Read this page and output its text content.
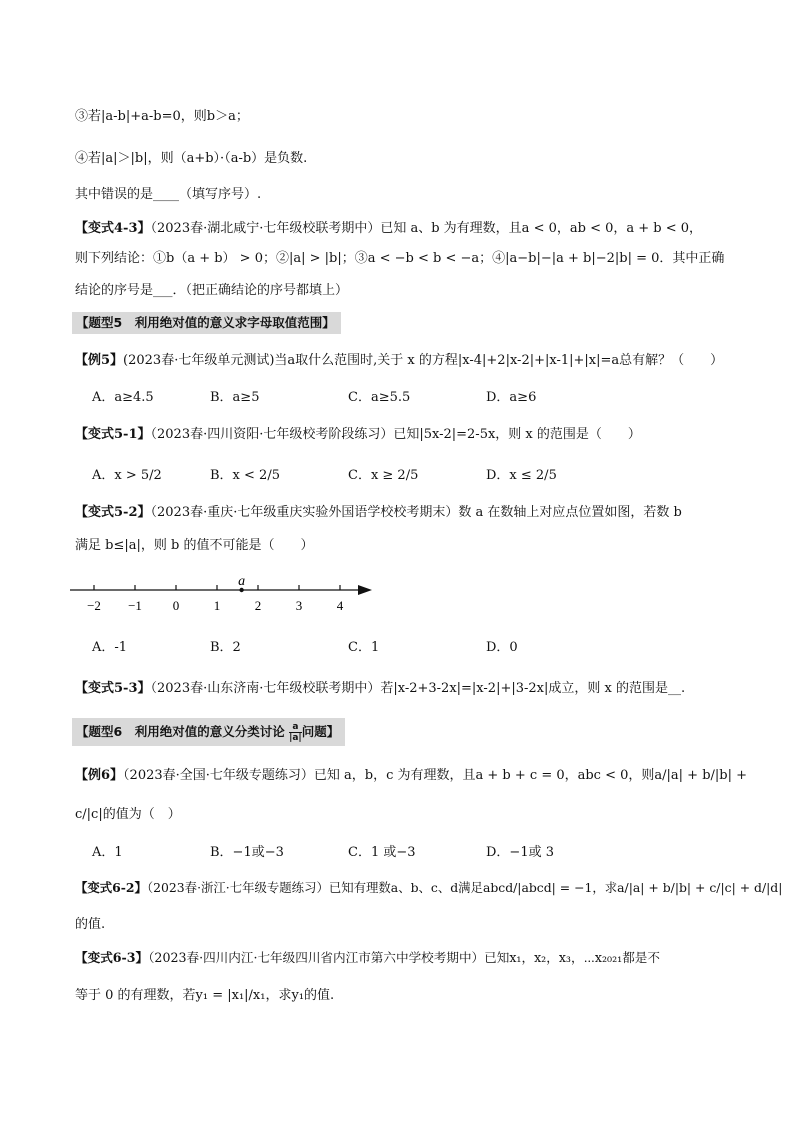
③若|a-b|+a-b=0，则b＞a；
④若|a|＞|b|，则（a+b）·（a-b）是负数.
其中错误的是____（填写序号）.
【变式4-3】（2023春·湖北咸宁·七年级校联考期中）已知 a、b 为有理数，且a < 0，ab < 0，a + b < 0，
则下列结论：①b（a + b） > 0；②|a| > |b|；③a < −b < b < −a；④|a−b|−|a + b|−2|b| = 0．其中正确
结论的序号是___．（把正确结论的序号都填上）
【题型5　利用绝对值的意义求字母取值范围】
【例5】(2023春·七年级单元测试)当a取什么范围时,关于 x 的方程|x-4|+2|x-2|+|x-1|+|x|=a总有解？（　　）
A．a≥4.5	B．a≥5	C．a≥5.5	D．a≥6
【变式5-1】（2023春·四川资阳·七年级校考阶段练习）已知|5x-2|=2-5x，则 x 的范围是（　　）
A．x > 5/2	B．x < 2/5	C．x ≥ 2/5	D．x ≤ 2/5
【变式5-2】（2023春·重庆·七年级重庆实验外国语学校校考期末）数 a 在数轴上对应点位置如图，若数 b
满足 b≤|a|，则 b 的值不可能是（　　）
−2 −1 0	1	2	3	4
a
A．-1	B．2	C．1	D．0
【变式5-3】（2023春·山东济南·七年级校联考期中）若|x-2+3-2x|=|x-2|+|3-2x|成立，则 x 的范围是__.
【题型6　利用绝对值的意义分类讨论 $\frac{a}{|a|}$ 问题】
【例6】（2023春·全国·七年级专题练习）已知 a，b，c 为有理数，且a + b + c = 0，abc < 0，则a/|a| + b/|b| +
c/|c|的值为（　）
A．1	B．−1或−3	C．1 或−3	D．−1或 3
【变式6-2】（2023春·浙江·七年级专题练习）已知有理数a、b、c、d满足abcd/|abcd| = −1，求a/|a| + b/|b| + c/|c| + d/|d|
的值.
【变式6-3】（2023春·四川内江·七年级四川省内江市第六中学校考期中）已知x₁，x₂，x₃，⋯x₂₀₂₁都是不
等于 0 的有理数，若y₁ = |x₁|/x₁，求y₁的值.
